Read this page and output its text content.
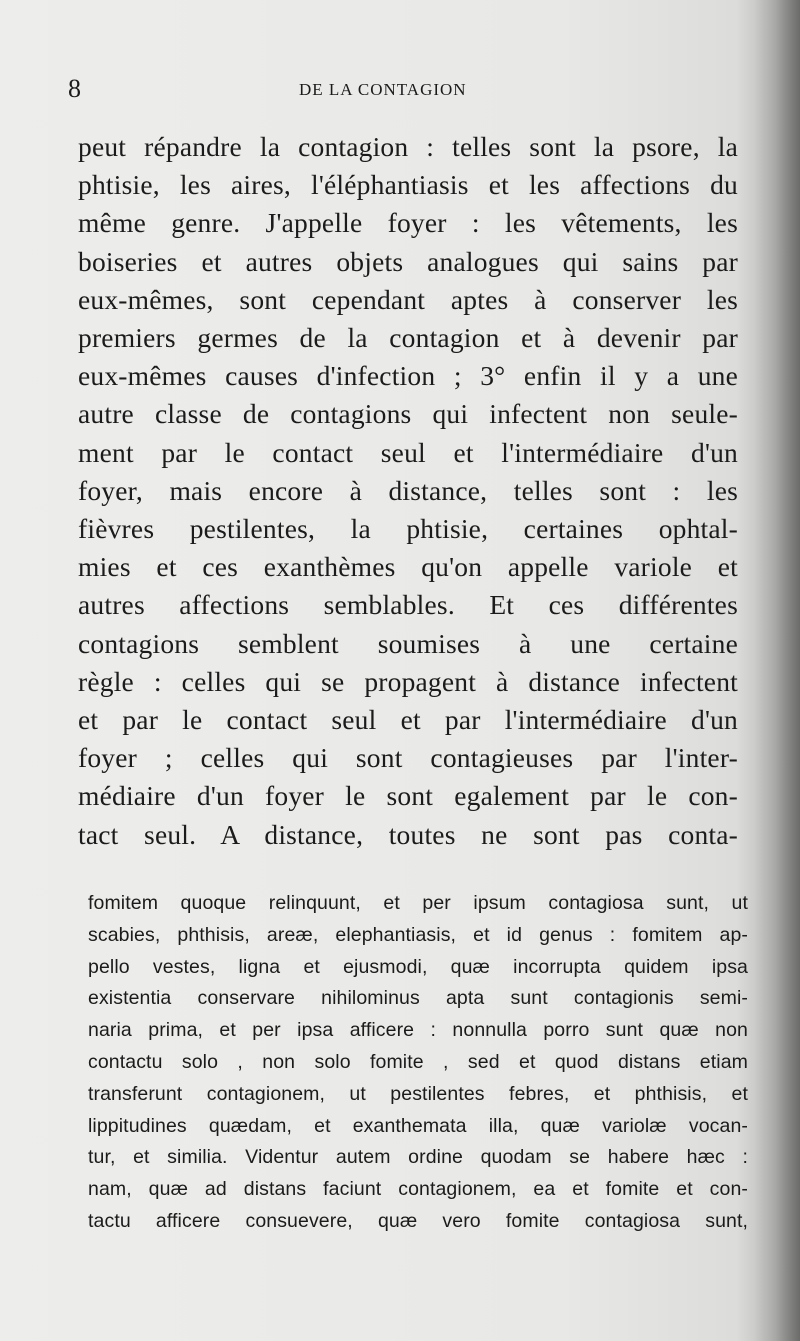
8	DE LA CONTAGION
peut répandre la contagion : telles sont la psore, la
phtisie, les aires, l'éléphantiasis et les affections du
même genre. J'appelle foyer : les vêtements, les
boiseries et autres objets analogues qui sains par
eux-mêmes, sont cependant aptes à conserver les
premiers germes de la contagion et à devenir par
eux-mêmes causes d'infection ; 3° enfin il y a une
autre classe de contagions qui infectent non seule-
ment par le contact seul et l'intermédiaire d'un
foyer, mais encore à distance, telles sont : les
fièvres pestilentes, la phtisie, certaines ophtal-
mies et ces exanthèmes qu'on appelle variole et
autres affections semblables. Et ces différentes
contagions semblent soumises à une certaine
règle : celles qui se propagent à distance infectent
et par le contact seul et par l'intermédiaire d'un
foyer ; celles qui sont contagieuses par l'inter-
médiaire d'un foyer le sont egalement par le con-
tact seul. A distance, toutes ne sont pas conta-
fomitem quoque relinquunt, et per ipsum contagiosa sunt, ut
scabies, phthisis, areæ, elephantiasis, et id genus : fomitem ap-
pello vestes, ligna et ejusmodi, quæ incorrupta quidem ipsa
existentia conservare nihilominus apta sunt contagionis semi-
naria prima, et per ipsa afficere : nonnulla porro sunt quæ non
contactu solo , non solo fomite , sed et quod distans etiam
transferunt contagionem, ut pestilentes febres, et phthisis, et
lippitudines quædam, et exanthemata illa, quæ variolæ vocan-
tur, et similia. Videntur autem ordine quodam se habere hæc :
nam, quæ ad distans faciunt contagionem, ea et fomite et con-
tactu afficere consuevere, quæ vero fomite contagiosa sunt,
